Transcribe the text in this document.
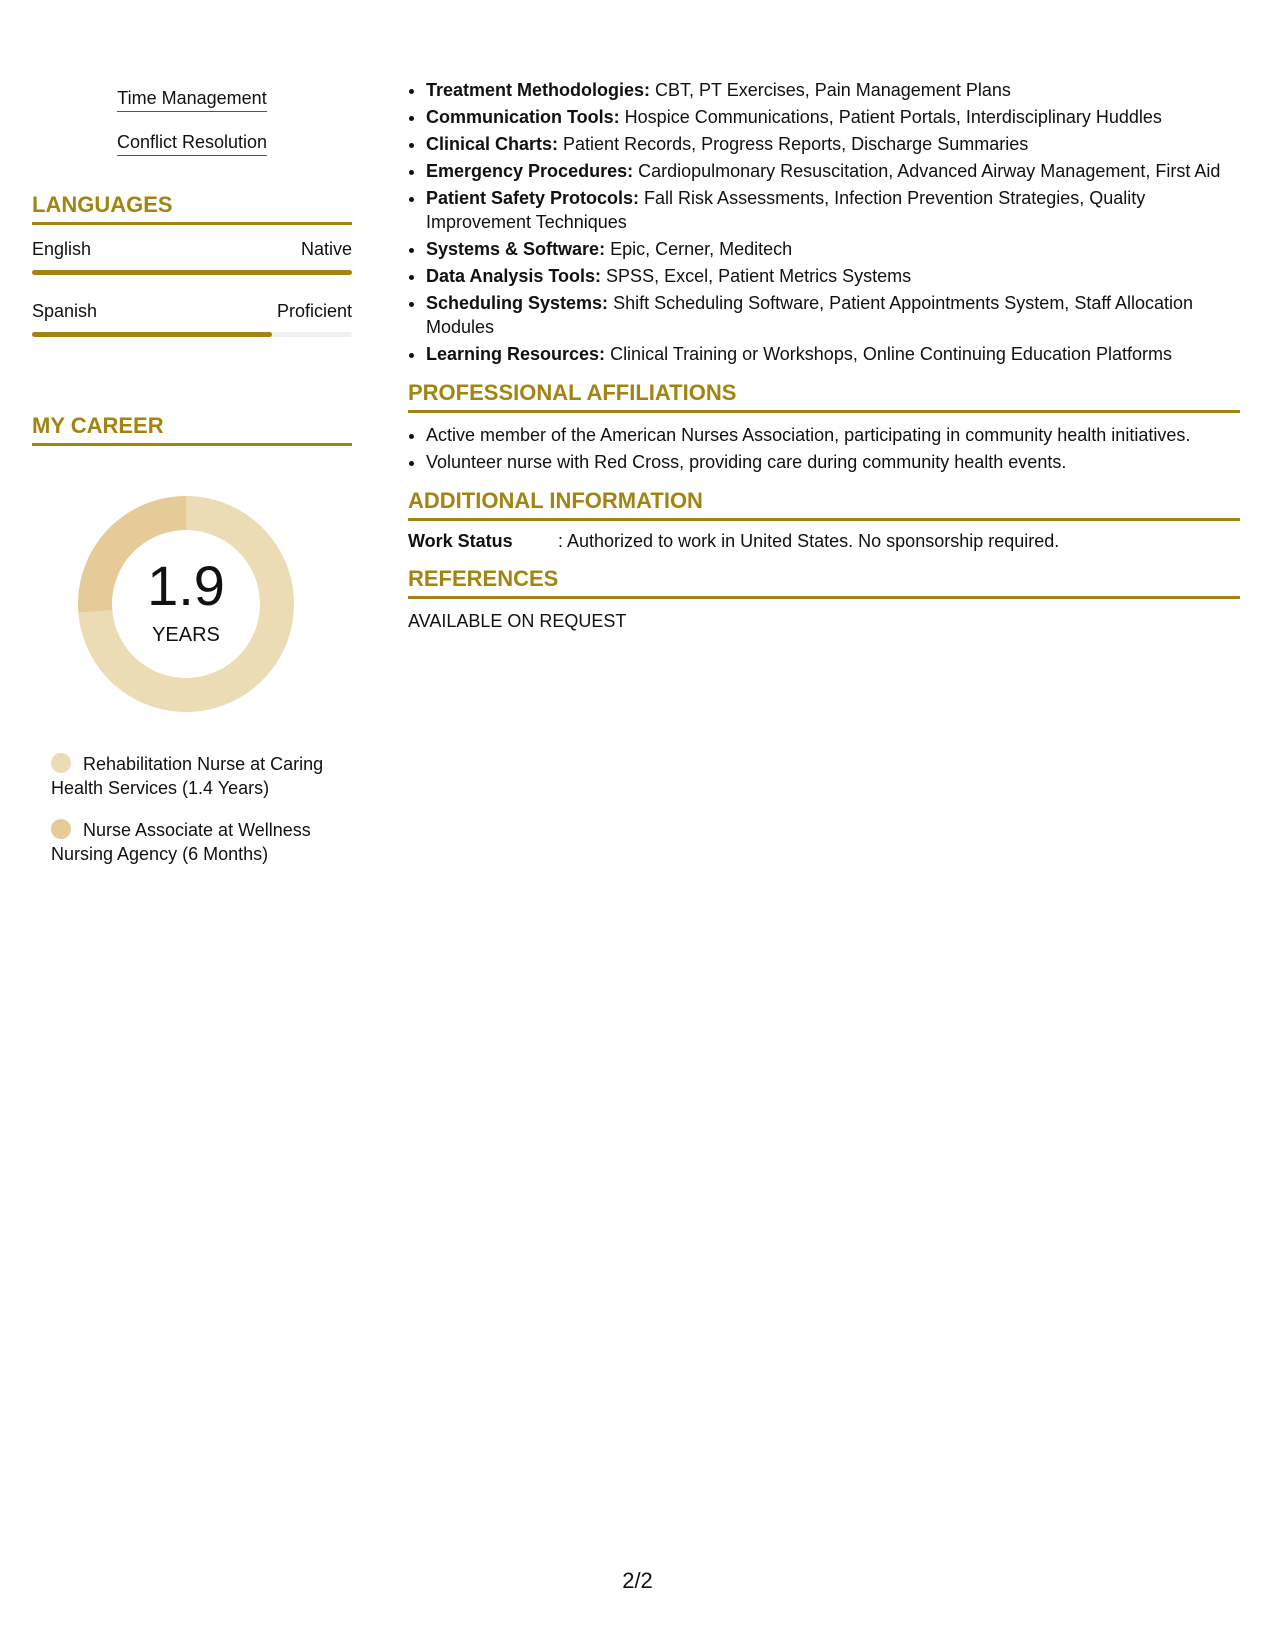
Time Management
Conflict Resolution
LANGUAGES
English	Native
Spanish	Proficient
MY CAREER
1.9
YEARS
Rehabilitation Nurse at Caring Health Services (1.4 Years)
Nurse Associate at Wellness Nursing Agency (6 Months)
• Treatment Methodologies: CBT, PT Exercises, Pain Management Plans
• Communication Tools: Hospice Communications, Patient Portals, Interdisciplinary Huddles
• Clinical Charts: Patient Records, Progress Reports, Discharge Summaries
• Emergency Procedures: Cardiopulmonary Resuscitation, Advanced Airway Management, First Aid
• Patient Safety Protocols: Fall Risk Assessments, Infection Prevention Strategies, Quality Improvement Techniques
• Systems & Software: Epic, Cerner, Meditech
• Data Analysis Tools: SPSS, Excel, Patient Metrics Systems
• Scheduling Systems: Shift Scheduling Software, Patient Appointments System, Staff Allocation Modules
• Learning Resources: Clinical Training or Workshops, Online Continuing Education Platforms
PROFESSIONAL AFFILIATIONS
• Active member of the American Nurses Association, participating in community health initiatives.
• Volunteer nurse with Red Cross, providing care during community health events.
ADDITIONAL INFORMATION
Work Status	: Authorized to work in United States. No sponsorship required.
REFERENCES
AVAILABLE ON REQUEST
2/2
